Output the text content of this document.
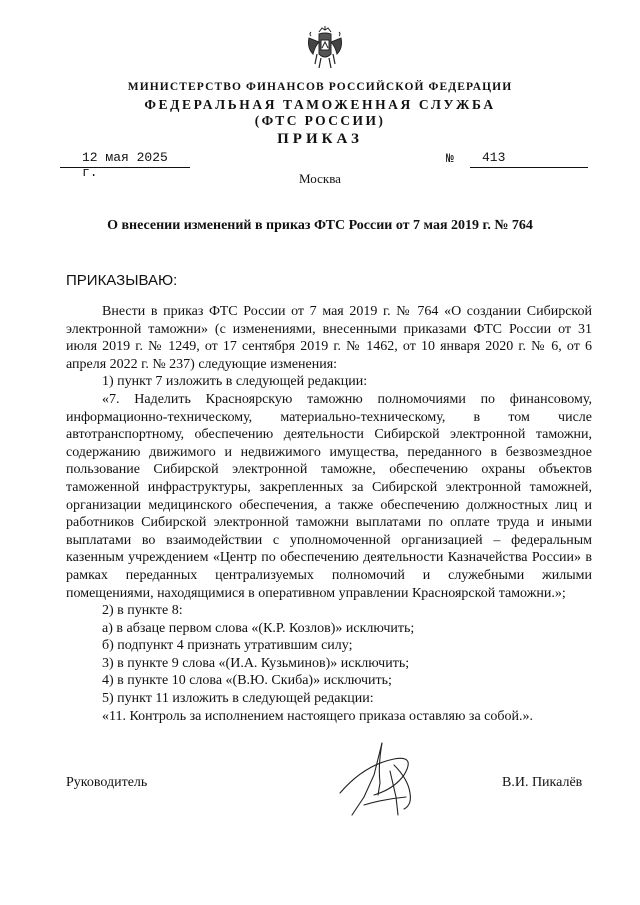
МИНИСТЕРСТВО ФИНАНСОВ РОССИЙСКОЙ ФЕДЕРАЦИИ
ФЕДЕРАЛЬНАЯ ТАМОЖЕННАЯ СЛУЖБА
(ФТС РОССИИ)
ПРИКАЗ
12 мая 2025 г.
№	413
Москва
О внесении изменений в приказ ФТС России от 7 мая 2019 г. № 764
ПРИКАЗЫВАЮ:

Внести в приказ ФТС России от 7 мая 2019 г. № 764 «О создании Сибирской электронной таможни» (с изменениями, внесенными приказами ФТС России от 31 июля 2019 г. № 1249, от 17 сентября 2019 г. № 1462, от 10 января 2020 г. № 6, от 6 апреля 2022 г. № 237) следующие изменения:

1) пункт 7 изложить в следующей редакции:

«7. Наделить Красноярскую таможню полномочиями по финансовому, информационно-техническому, материально-техническому, в том числе автотранспортному, обеспечению деятельности Сибирской электронной таможни, содержанию движимого и недвижимого имущества, переданного в безвозмездное пользование Сибирской электронной таможне, обеспечению охраны объектов таможенной инфраструктуры, закрепленных за Сибирской электронной таможней, организации медицинского обеспечения, а также обеспечению должностных лиц и работников Сибирской электронной таможни выплатами по оплате труда и иными выплатами во взаимодействии с уполномоченной организацией – федеральным казенным учреждением «Центр по обеспечению деятельности Казначейства России» в рамках переданных централизуемых полномочий и служебными жилыми помещениями, находящимися в оперативном управлении Красноярской таможни.»;

2) в пункте 8:

а) в абзаце первом слова «(К.Р. Козлов)» исключить;

б) подпункт 4 признать утратившим силу;

3) в пункте 9 слова «(И.А. Кузьминов)» исключить;

4) в пункте 10 слова «(В.Ю. Скиба)» исключить;

5) пункт 11 изложить в следующей редакции:

«11. Контроль за исполнением настоящего приказа оставляю за собой.».

Руководитель	В.И. Пикалёв
